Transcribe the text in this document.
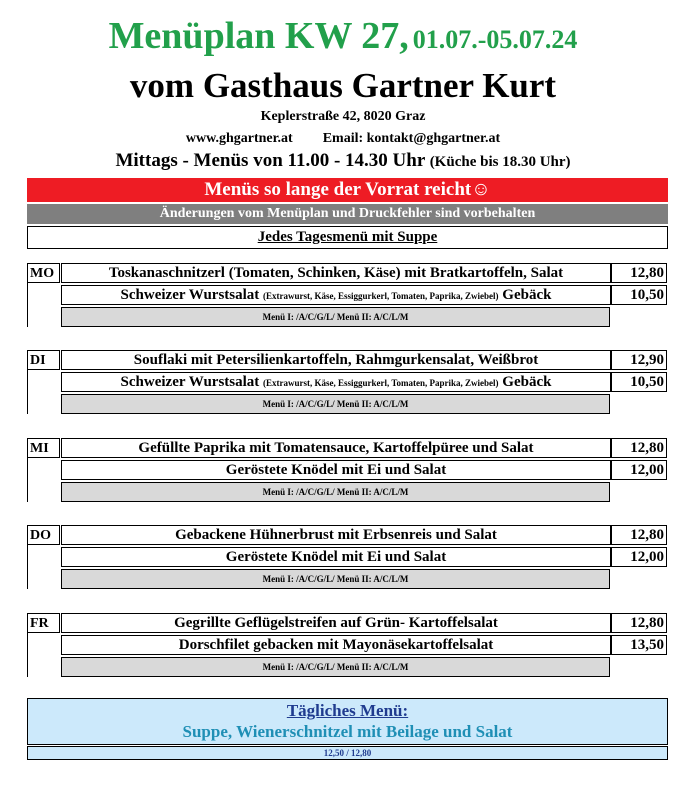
Menüplan KW 27, 01.07.-05.07.24
vom Gasthaus Gartner Kurt
Keplerstraße 42, 8020 Graz
www.ghgartner.at Email: kontakt@ghgartner.at
Mittags - Menüs von 11.00 - 14.30 Uhr (Küche bis 18.30 Uhr)
Menüs so lange der Vorrat reicht☺
Änderungen vom Menüplan und Druckfehler sind vorbehalten
Jedes Tagesmenü mit Suppe
MO	Toskanaschnitzerl (Tomaten, Schinken, Käse) mit Bratkartoffeln, Salat	12,80
Schweizer Wurstsalat (Extrawurst, Käse, Essiggurkerl, Tomaten, Paprika, Zwiebel) Gebäck	10,50
Menü I: /A/C/G/L/ Menü II: A/C/L/M
DI	Souflaki mit Petersilienkartoffeln, Rahmgurkensalat, Weißbrot	12,90
Schweizer Wurstsalat (Extrawurst, Käse, Essiggurkerl, Tomaten, Paprika, Zwiebel) Gebäck	10,50
Menü I: /A/C/G/L/ Menü II: A/C/L/M
MI	Gefüllte Paprika mit Tomatensauce, Kartoffelpüree und Salat	12,80
Geröstete Knödel mit Ei und Salat	12,00
Menü I: /A/C/G/L/ Menü II: A/C/L/M
DO	Gebackene Hühnerbrust mit Erbsenreis und Salat	12,80
Geröstete Knödel mit Ei und Salat	12,00
Menü I: /A/C/G/L/ Menü II: A/C/L/M
FR	Gegrillte Geflügelstreifen auf Grün- Kartoffelsalat	12,80
Dorschfilet gebacken mit Mayonäsekartoffelsalat	13,50
Menü I: /A/C/G/L/ Menü II: A/C/L/M
Tägliches Menü:
Suppe, Wienerschnitzel mit Beilage und Salat
12,50 / 12,80
